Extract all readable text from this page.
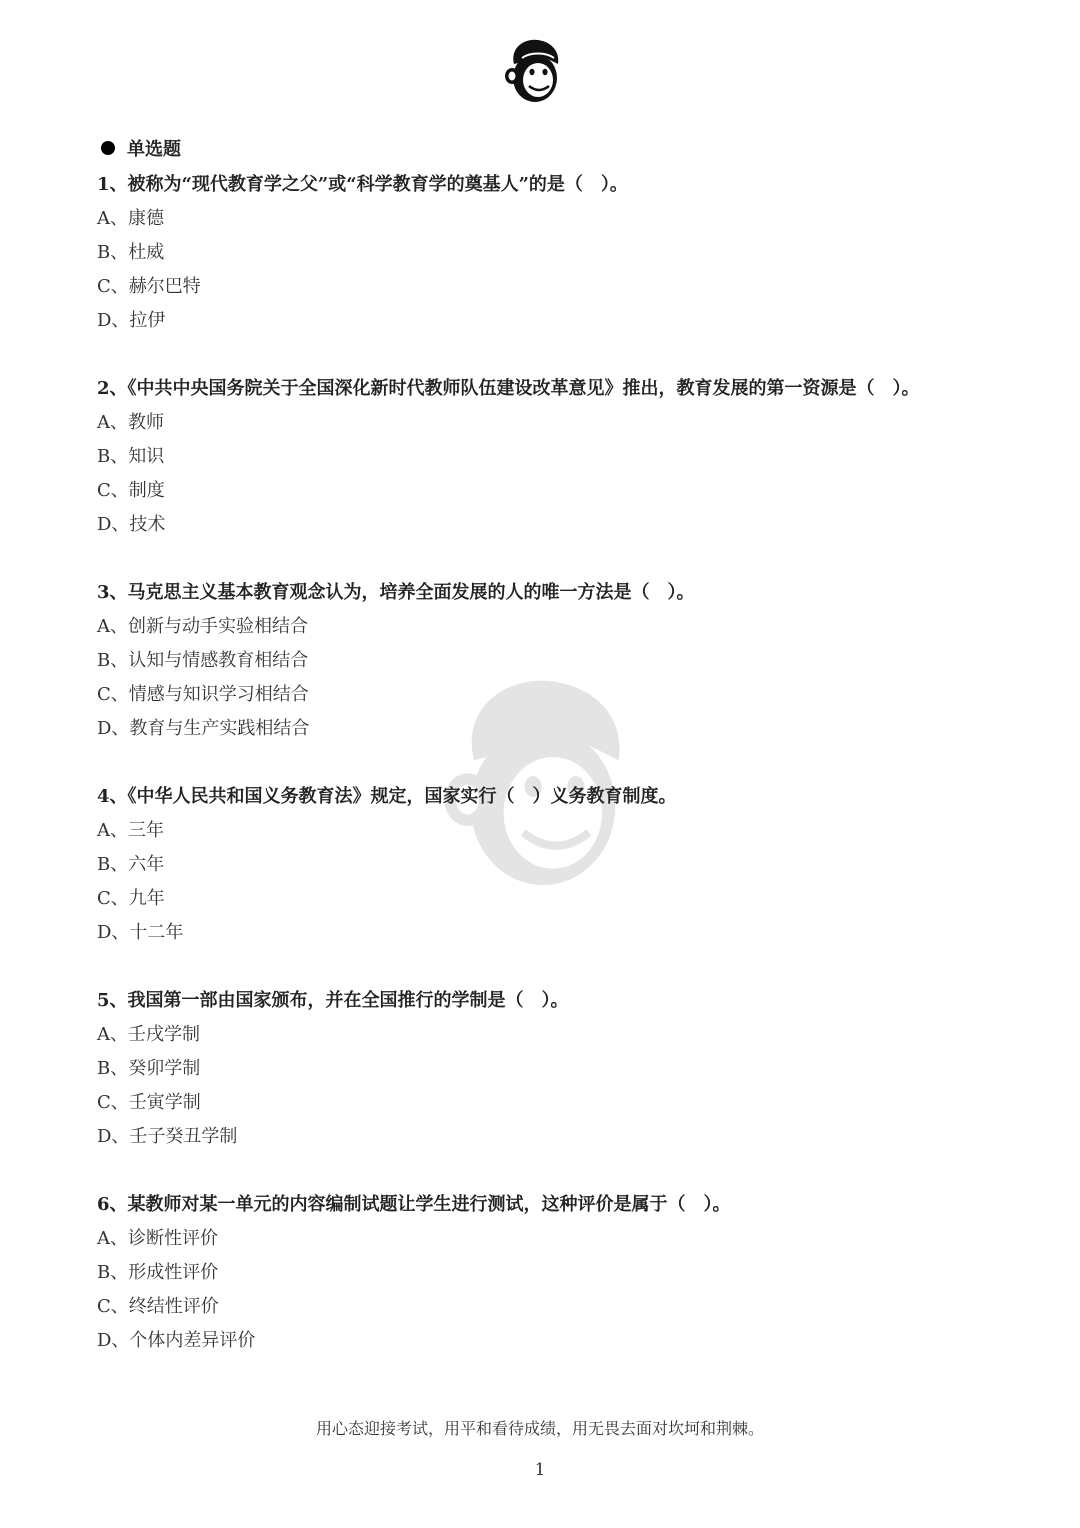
单选题
1、被称为“现代教育学之父”或“科学教育学的奠基人”的是（　）。
A、康德
B、杜威
C、赫尔巴特
D、拉伊
2、《中共中央国务院关于全国深化新时代教师队伍建设改革意见》推出，教育发展的第一资源是（　）。
A、教师
B、知识
C、制度
D、技术
3、马克思主义基本教育观念认为，培养全面发展的人的唯一方法是（　）。
A、创新与动手实验相结合
B、认知与情感教育相结合
C、情感与知识学习相结合
D、教育与生产实践相结合
4、《中华人民共和国义务教育法》规定，国家实行（　）义务教育制度。
A、三年
B、六年
C、九年
D、十二年
5、我国第一部由国家颁布，并在全国推行的学制是（　）。
A、壬戌学制
B、癸卯学制
C、壬寅学制
D、壬子癸丑学制
6、某教师对某一单元的内容编制试题让学生进行测试，这种评价是属于（　）。
A、诊断性评价
B、形成性评价
C、终结性评价
D、个体内差异评价
用心态迎接考试，用平和看待成绩，用无畏去面对坎坷和荆棘。
1
